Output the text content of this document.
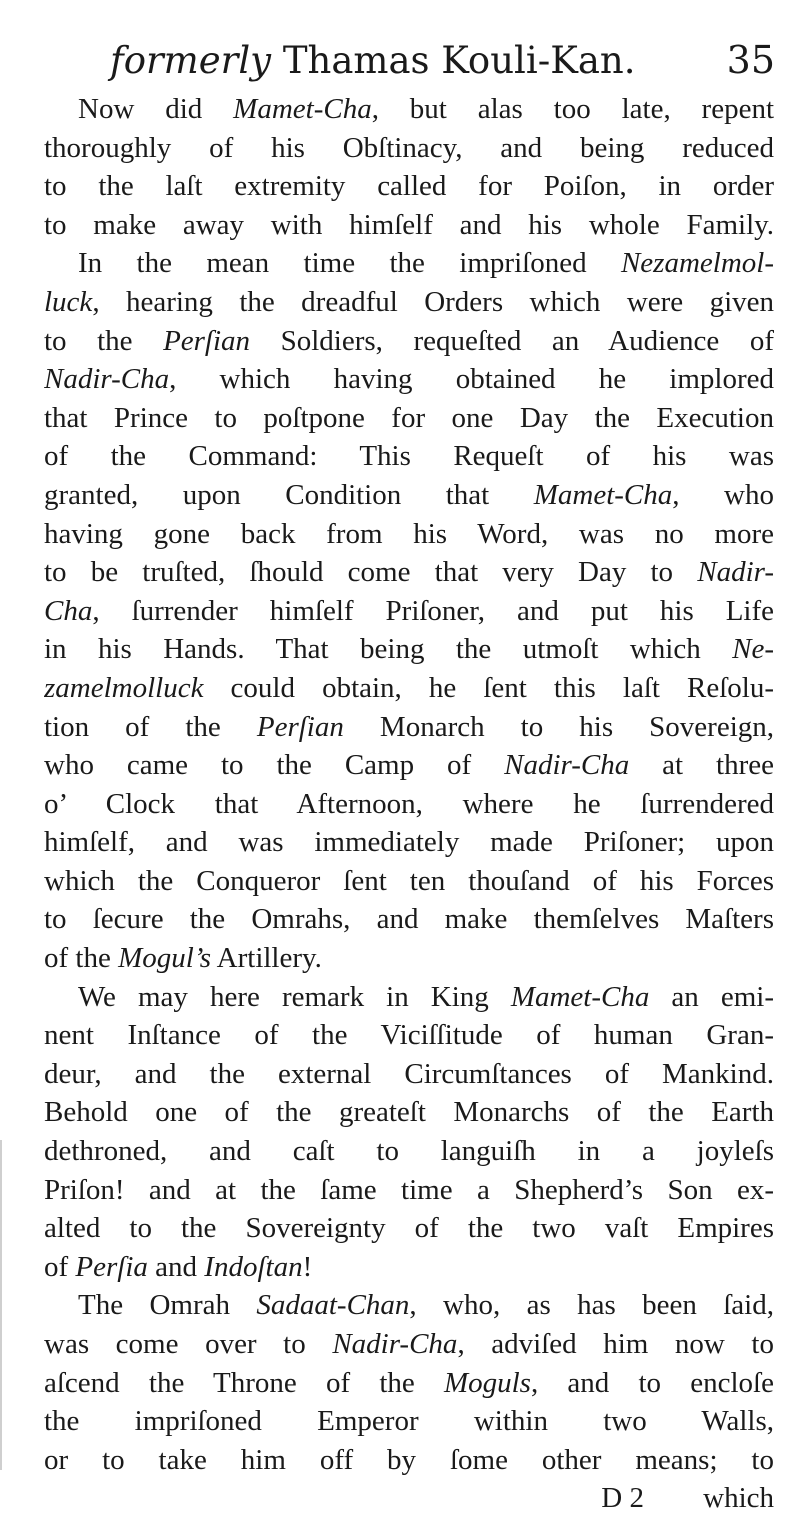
formerly Thamas Kouli-Kan. 35
Now did Mamet-Cha, but alas too late, repent
thoroughly of his Obſtinacy, and being reduced
to the laſt extremity called for Poiſon, in order
to make away with himſelf and his whole Family.
In the mean time the impriſoned Nezamelmol-
luck, hearing the dreadful Orders which were given
to the Perſian Soldiers, requeſted an Audience of
Nadir-Cha, which having obtained he implored
that Prince to poſtpone for one Day the Execution
of the Command: This Requeſt of his was
granted, upon Condition that Mamet-Cha, who
having gone back from his Word, was no more
to be truſted, ſhould come that very Day to Nadir-
Cha, ſurrender himſelf Priſoner, and put his Life
in his Hands. That being the utmoſt which Ne-
zamelmolluck could obtain, he ſent this laſt Reſolu-
tion of the Perſian Monarch to his Sovereign,
who came to the Camp of Nadir-Cha at three
o’ Clock that Afternoon, where he ſurrendered
himſelf, and was immediately made Priſoner; upon
which the Conqueror ſent ten thouſand of his Forces
to ſecure the Omrahs, and make themſelves Maſters
of the Mogul’s Artillery.
We may here remark in King Mamet-Cha an emi-
nent Inſtance of the Viciſſitude of human Gran-
deur, and the external Circumſtances of Mankind.
Behold one of the greateſt Monarchs of the Earth
dethroned, and caſt to languiſh in a joyleſs
Priſon! and at the ſame time a Shepherd’s Son ex-
alted to the Sovereignty of the two vaſt Empires
of Perſia and Indoſtan!
The Omrah Sadaat-Chan, who, as has been ſaid,
was come over to Nadir-Cha, adviſed him now to
aſcend the Throne of the Moguls, and to encloſe
the impriſoned Emperor within two Walls,
or to take him off by ſome other means; to
D 2 which
